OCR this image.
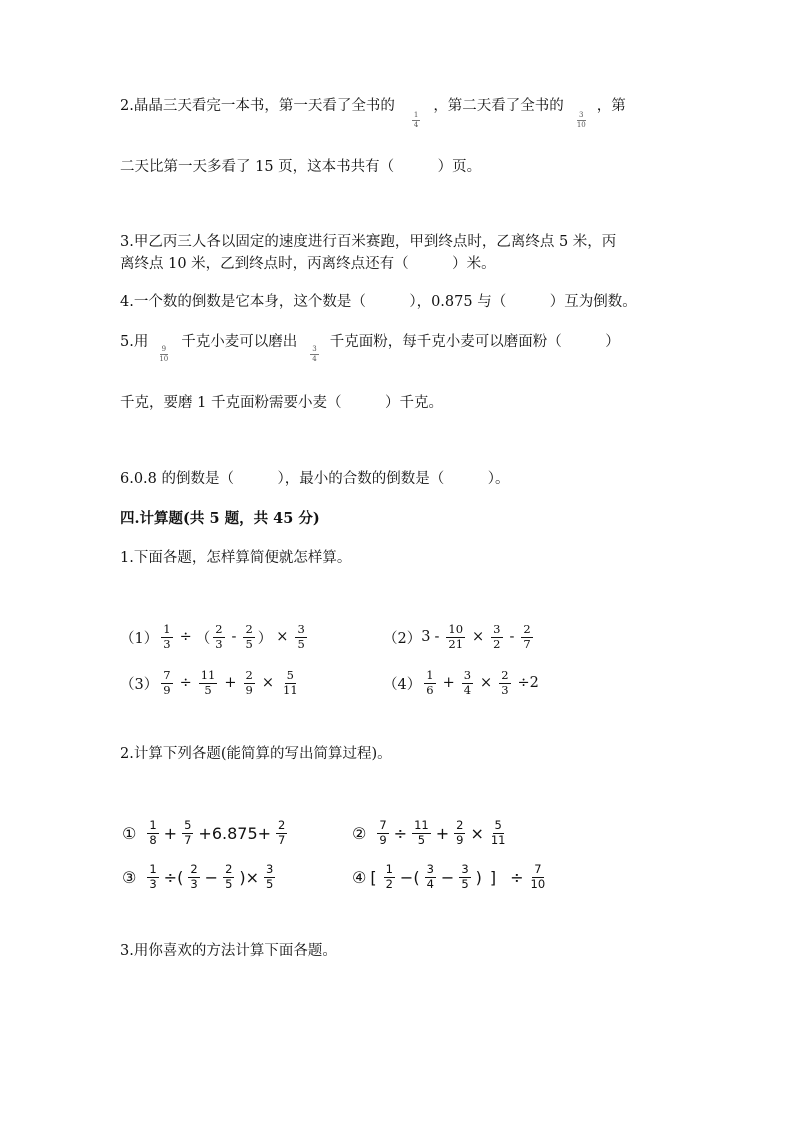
2.晶晶三天看完一本书，第一天看了全书的
$\frac{1}{4}$
，第二天看了全书的
$\frac{3}{10}$
，第
二天比第一天多看了 15 页，这本书共有（　　　）页。
3.甲乙丙三人各以固定的速度进行百米赛跑，甲到终点时，乙离终点 5 米，丙
离终点 10 米，乙到终点时，丙离终点还有（　　　）米。
4.一个数的倒数是它本身，这个数是（　　　），0.875 与（　　　）互为倒数。
5.用
$\frac{9}{10}$
千克小麦可以磨出
$\frac{3}{4}$
千克面粉，每千克小麦可以磨面粉（　　　）
千克，要磨 1 千克面粉需要小麦（　　　）千克。
6.0.8 的倒数是（　　　），最小的合数的倒数是（　　　）。
四.计算题(共 5 题，共 45 分)
1.下面各题，怎样算简便就怎样算。
$(1) \frac{1}{3}$ ÷ （ $\frac{2}{3} - \frac{2}{5}$ ） × $\frac{3}{5}$	（2） $3 - \frac{10}{21} \times \frac{3}{2} - \frac{2}{7}$
$(3) \frac{7}{9} \div \frac{11}{5} + \frac{2}{9} \times \frac{5}{11}$	$(4) \frac{1}{6} + \frac{3}{4} \times \frac{2}{3} \div 2$
2.计算下列各题(能简算的写出简算过程)。
① $\frac{1}{8} + \frac{5}{7} +6.875+ \frac{2}{7}$	② $\frac{7}{9} \div \frac{11}{5} + \frac{2}{9} \times \frac{5}{11}$
③ $\frac{1}{3}$ ÷( $\frac{2}{3} - \frac{2}{5}$ )× $\frac{3}{5}$	④ [ $\frac{1}{2}$ −( $\frac{3}{4} - \frac{3}{5}$ ) ] ÷ $\frac{7}{10}$
3.用你喜欢的方法计算下面各题。
